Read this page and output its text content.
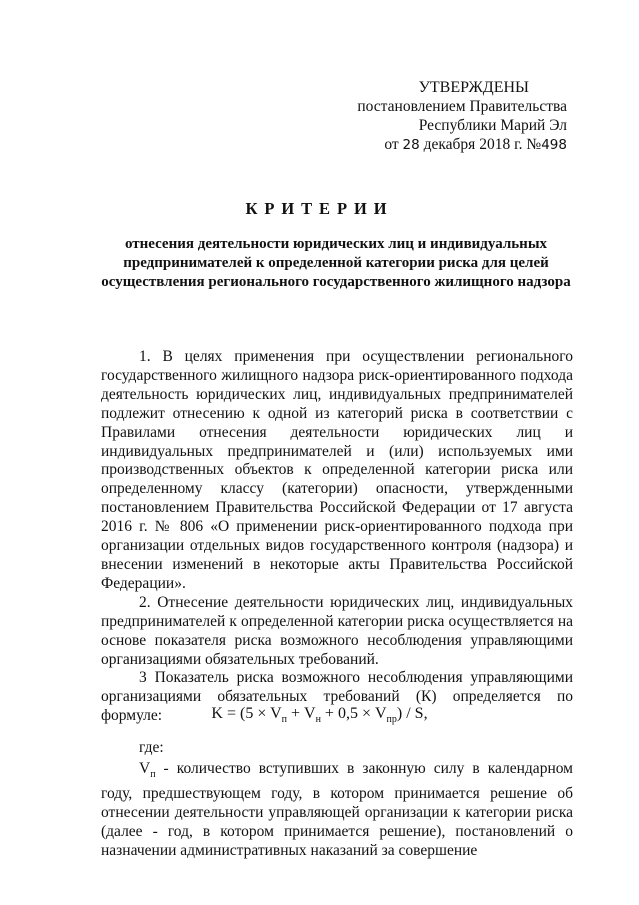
УТВЕРЖДЕНЫ
постановлением Правительства
Республики Марий Эл
от 28 декабря 2018 г. №498
КРИТЕРИИ
отнесения деятельности юридических лиц и индивидуальных предпринимателей к определенной категории риска для целей осуществления регионального государственного жилищного надзора

1. В целях применения при осуществлении регионального государственного жилищного надзора риск-ориентированного подхода деятельность юридических лиц, индивидуальных предпринимателей подлежит отнесению к одной из категорий риска в соответствии с Правилами отнесения деятельности юридических лиц и индивидуальных предпринимателей и (или) используемых ими производственных объектов к определенной категории риска или определенному классу (категории) опасности, утвержденными постановлением Правительства Российской Федерации от 17 августа 2016 г. № 806 «О применении риск-ориентированного подхода при организации отдельных видов государственного контроля (надзора) и внесении изменений в некоторые акты Правительства Российской Федерации».

2. Отнесение деятельности юридических лиц, индивидуальных предпринимателей к определенной категории риска осуществляется на основе показателя риска возможного несоблюдения управляющими организациями обязательных требований.

3 Показатель риска возможного несоблюдения управляющими организациями обязательных требований (К) определяется по формуле:	$K = (5 \times V_п + V_н + 0,5 \times V_{пр}) / S$,
где:

$V_п$ - количество вступивших в законную силу в календарном году, предшествующем году, в котором принимается решение об отнесении деятельности управляющей организации к категории риска (далее - год, в котором принимается решение), постановлений о назначении административных наказаний за совершение
